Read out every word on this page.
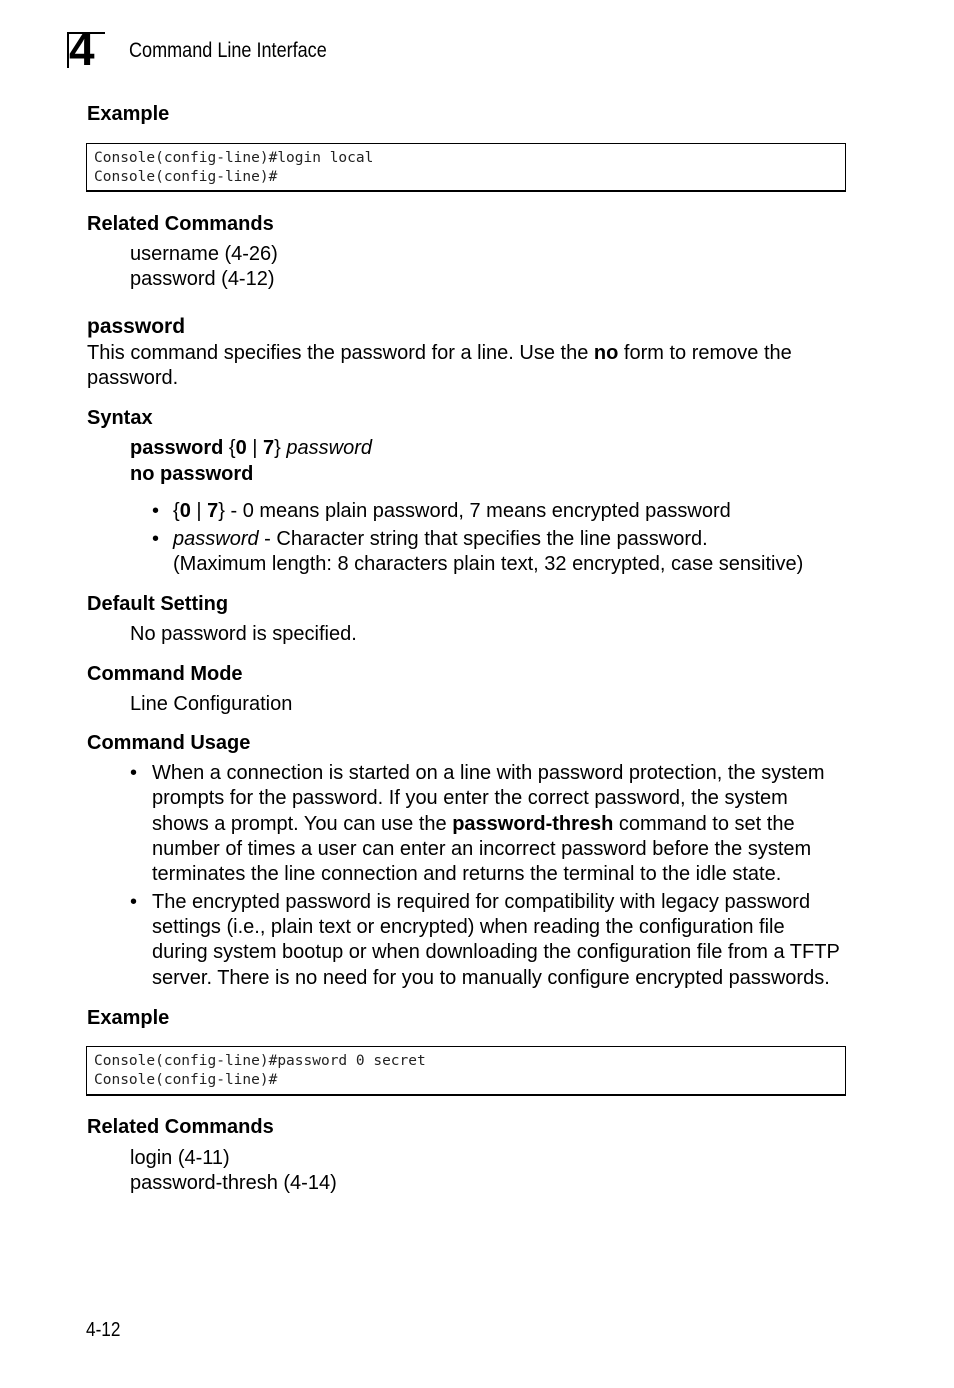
4 Command Line Interface
Example
Console(config-line)#login local
Console(config-line)#
Related Commands
username (4-26)
password (4-12)
password
This command specifies the password for a line. Use the no form to remove the
password.
Syntax
password {0 | 7} password
no password
• {0 | 7} - 0 means plain password, 7 means encrypted password
• password - Character string that specifies the line password.
(Maximum length: 8 characters plain text, 32 encrypted, case sensitive)
Default Setting
No password is specified.
Command Mode
Line Configuration
Command Usage
• When a connection is started on a line with password protection, the system
prompts for the password. If you enter the correct password, the system
shows a prompt. You can use the password-thresh command to set the
number of times a user can enter an incorrect password before the system
terminates the line connection and returns the terminal to the idle state.
• The encrypted password is required for compatibility with legacy password
settings (i.e., plain text or encrypted) when reading the configuration file
during system bootup or when downloading the configuration file from a TFTP
server. There is no need for you to manually configure encrypted passwords.
Example
Console(config-line)#password 0 secret
Console(config-line)#
Related Commands
login (4-11)
password-thresh (4-14)
4-12
